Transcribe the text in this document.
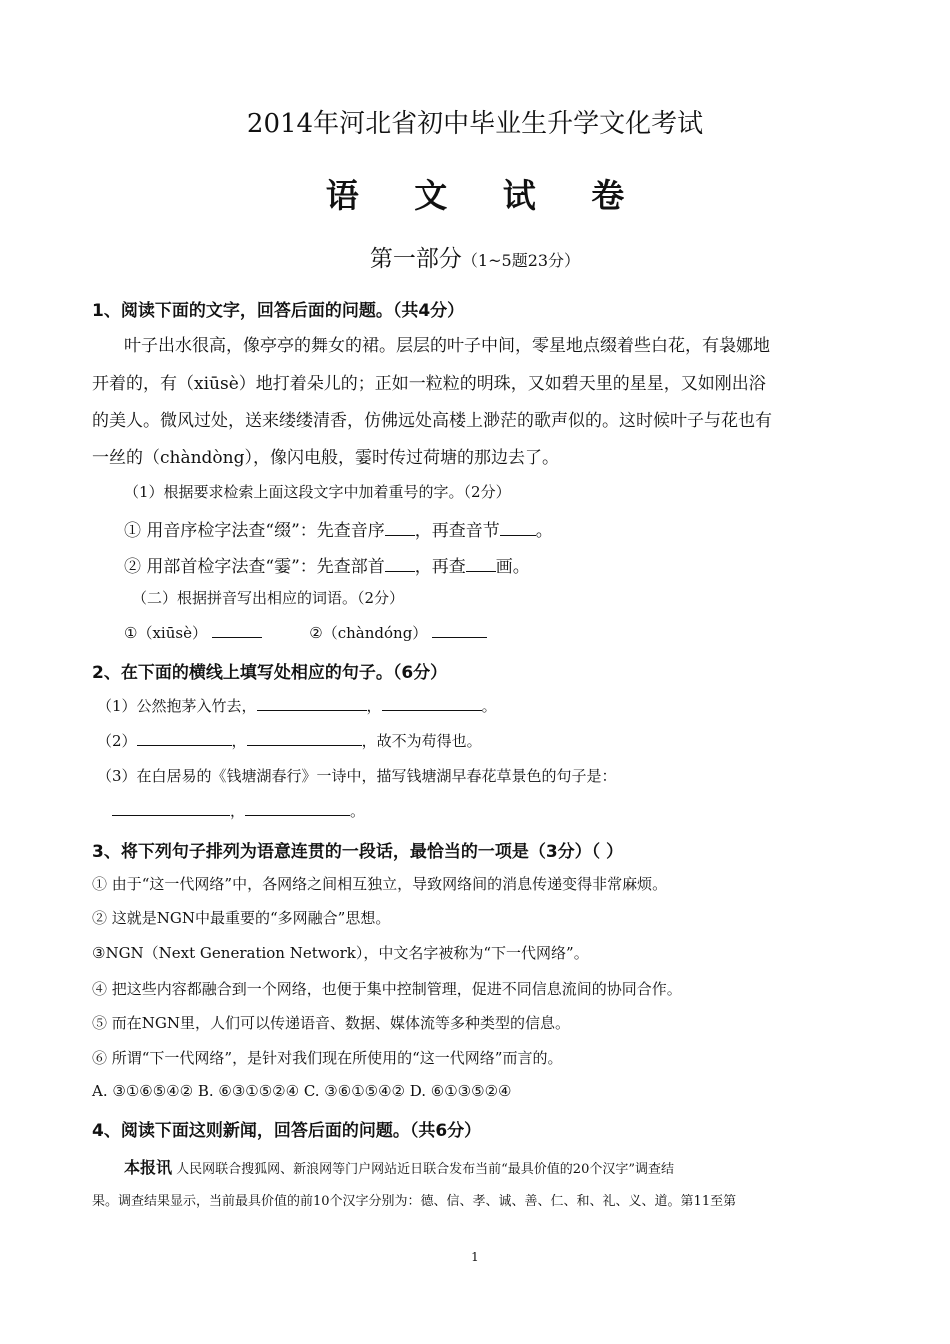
2014年河北省初中毕业生升学文化考试
语 文 试 卷
第一部分（1~5题23分）
1、阅读下面的文字，回答后面的问题。（共4分）
叶子出水很高，像亭亭的舞女的裙。层层的叶子中间，零星地点缀着些白花，有袅娜地
开着的，有（xiūsè）地打着朵儿的；正如一粒粒的明珠，又如碧天里的星星，又如刚出浴
的美人。微风过处，送来缕缕清香，仿佛远处高楼上渺茫的歌声似的。这时候叶子与花也有
一丝的（chàndòng），像闪电般，霎时传过荷塘的那边去了。
（1）根据要求检索上面这段文字中加着重号的字。（2分）
① 用音序检字法查“缀”：先查音序 ，再查音节 。
② 用部首检字法查“霎”：先查部首 ，再查 画。
（二）根据拼音写出相应的词语。（2分）
①（xiūsè）	②（chàndóng）
2、在下面的横线上填写处相应的句子。（6分）
（1）公然抱茅入竹去，	，	。
（2）	，	，故不为苟得也。
（3）在白居易的《钱塘湖春行》一诗中，描写钱塘湖早春花草景色的句子是：
，	。
3、将下列句子排列为语意连贯的一段话，最恰当的一项是（3分）（ ）
① 由于“这一代网络”中，各网络之间相互独立，导致网络间的消息传递变得非常麻烦。
② 这就是NGN中最重要的“多网融合”思想。
③NGN（Next Generation Network），中文名字被称为“下一代网络”。
④ 把这些内容都融合到一个网络，也便于集中控制管理，促进不同信息流间的协同合作。
⑤ 而在NGN里，人们可以传递语音、数据、媒体流等多种类型的信息。
⑥ 所谓“下一代网络”，是针对我们现在所使用的“这一代网络”而言的。
A. ③①⑥⑤④② B. ⑥③①⑤②④ C. ③⑥①⑤④② D. ⑥①③⑤②④
4、阅读下面这则新闻，回答后面的问题。（共6分）
本报讯 人民网联合搜狐网、新浪网等门户网站近日联合发布当前“最具价值的20个汉字”调查结
果。调查结果显示，当前最具价值的前10个汉字分别为：德、信、孝、诚、善、仁、和、礼、义、道。第11至第
1
